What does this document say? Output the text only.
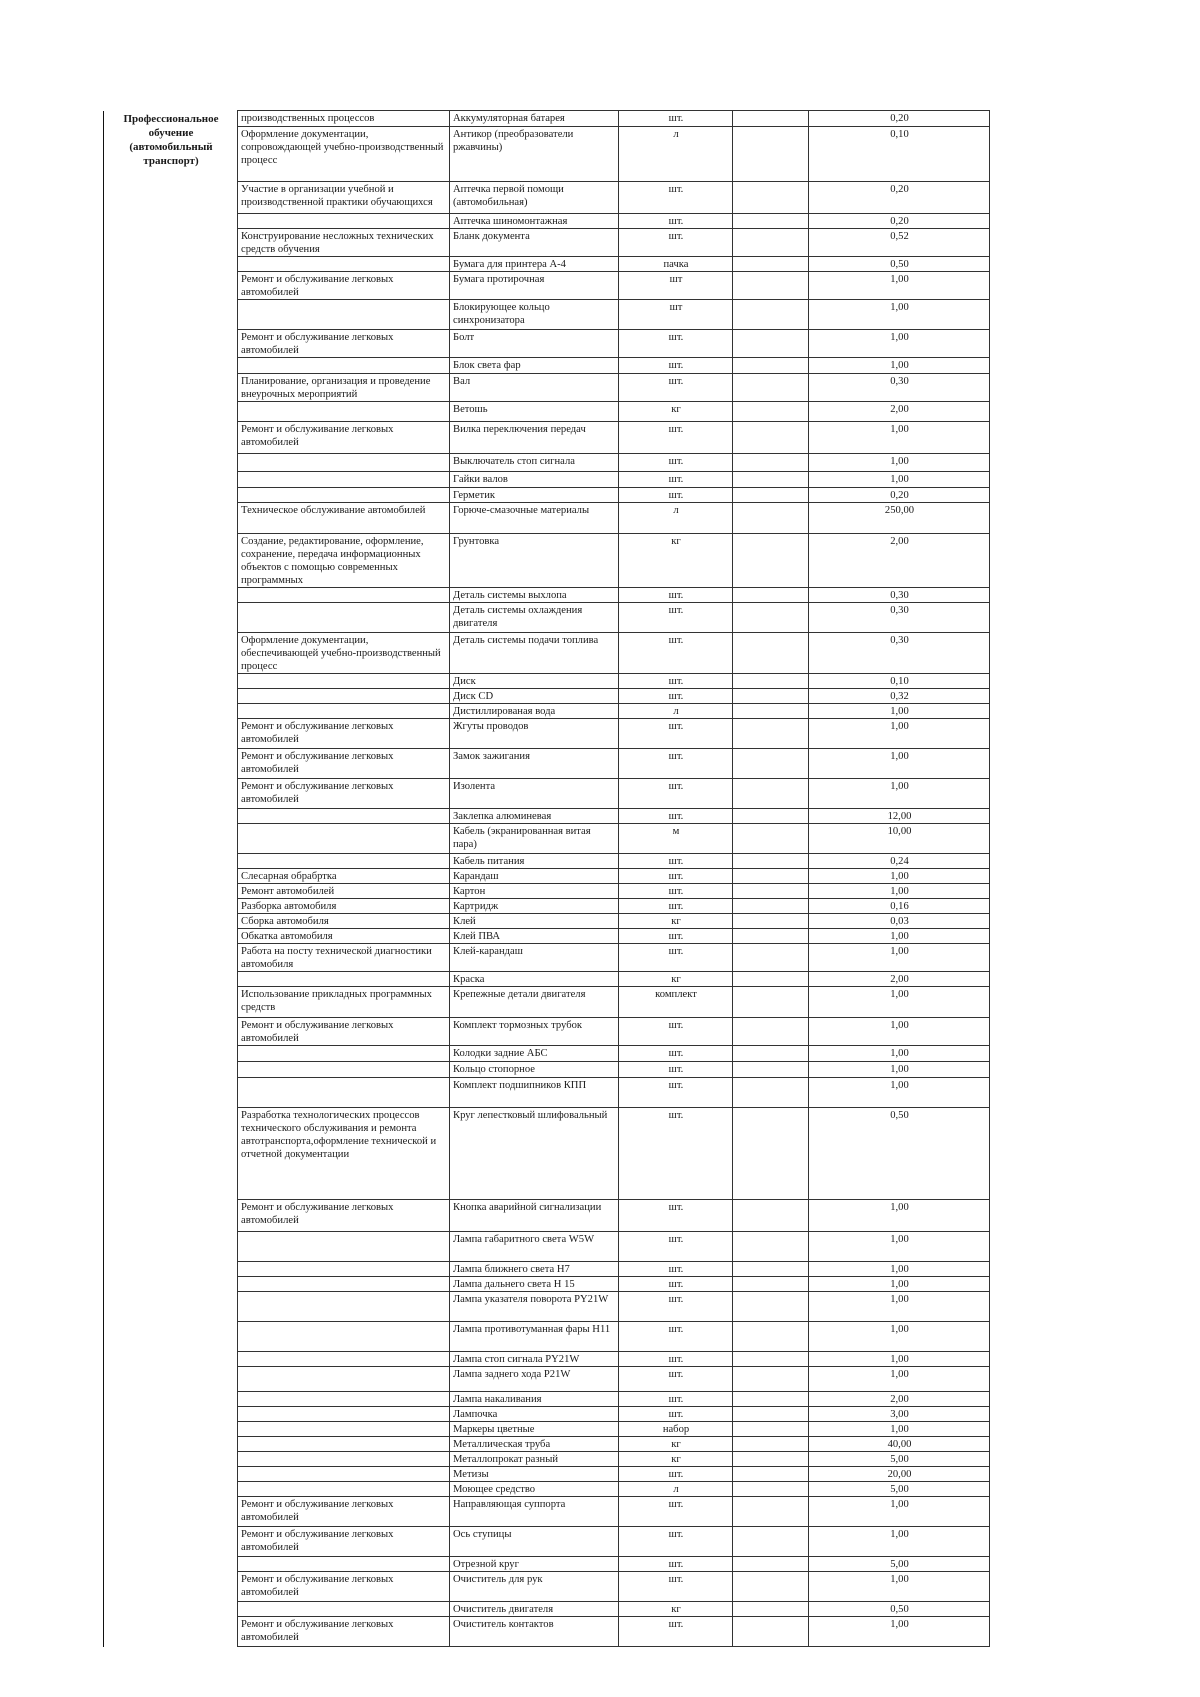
Профессиональное обучение (автомобильный транспорт)	производственных процессов	Аккумуляторная батарея	шт.		0,20
	Оформление документации, сопровождающей учебно-производственный процесс	Антикор (преобразователи ржавчины)	л		0,10
	Участие в организации учебной и производственной практики обучающихся	Аптечка первой помощи (автомобильная)	шт.		0,20
		Аптечка шиномонтажная	шт.		0,20
	Конструирование несложных технических средств обучения	Бланк документа	шт.		0,52
		Бумага для принтера А-4	пачка		0,50
	Ремонт и обслуживание легковых автомобилей	Бумага протирочная	шт		1,00
		Блокирующее кольцо синхронизатора	шт		1,00
	Ремонт и обслуживание легковых автомобилей	Болт	шт.		1,00
		Блок света фар	шт.		1,00
	Планирование, организация и проведение внеурочных мероприятий	Вал	шт.		0,30
		Ветошь	кг		2,00
	Ремонт и обслуживание легковых автомобилей	Вилка переключения передач	шт.		1,00
		Выключатель стоп сигнала	шт.		1,00
		Гайки валов	шт.		1,00
		Герметик	шт.		0,20
	Техническое обслуживание автомобилей	Горюче-смазочные материалы	л		250,00
	Создание, редактирование, оформление, сохранение, передача информационных объектов с помощью современных программных	Грунтовка	кг		2,00
		Деталь системы выхлопа	шт.		0,30
		Деталь системы охлаждения двигателя	шт.		0,30
	Оформление документации, обеспечивающей учебно-производственный процесс	Деталь системы подачи топлива	шт.		0,30
		Диск	шт.		0,10
		Диск CD	шт.		0,32
		Дистиллированая вода	л		1,00
	Ремонт и обслуживание легковых автомобилей	Жгуты проводов	шт.		1,00
	Ремонт и обслуживание легковых автомобилей	Замок зажигания	шт.		1,00
	Ремонт и обслуживание легковых автомобилей	Изолента	шт.		1,00
		Заклепка алюминевая	шт.		12,00
		Кабель (экранированная витая пара)	м		10,00
		Кабель питания	шт.		0,24
	Слесарная обрабртка	Карандаш	шт.		1,00
	Ремонт автомобилей	Картон	шт.		1,00
	Разборка автомобиля	Картридж	шт.		0,16
	Сборка автомобиля	Клей	кг		0,03
	Обкатка автомобиля	Клей ПВА	шт.		1,00
	Работа на посту технической диагностики автомобиля	Клей-карандаш	шт.		1,00
		Краска	кг		2,00
	Использование прикладных программных средств	Крепежные детали двигателя	комплект		1,00
	Ремонт и обслуживание легковых автомобилей	Комплект тормозных трубок	шт.		1,00
		Колодки задние АБС	шт.		1,00
		Кольцо стопорное	шт.		1,00
		Комплект подшипников КПП	шт.		1,00
	Разработка технологических процессов технического обслуживания и ремонта автотранспорта,оформление технической и отчетной документации	Круг лепестковый шлифовальный	шт.		0,50
	Ремонт и обслуживание легковых автомобилей	Кнопка аварийной сигнализации	шт.		1,00
		Лампа габаритного света W5W	шт.		1,00
		Лампа ближнего света H7	шт.		1,00
		Лампа дальнего света H 15	шт.		1,00
		Лампа указателя поворота PY21W	шт.		1,00
		Лампа противотуманная фары H11	шт.		1,00
		Лампа стоп сигнала PY21W	шт.		1,00
		Лампа заднего хода P21W	шт.		1,00
		Лампа накаливания	шт.		2,00
		Лампочка	шт.		3,00
		Маркеры цветные	набор		1,00
		Металлическая труба	кг		40,00
		Металлопрокат разный	кг		5,00
		Метизы	шт.		20,00
		Моющее средство	л		5,00
	Ремонт и обслуживание легковых автомобилей	Направляющая суппорта	шт.		1,00
	Ремонт и обслуживание легковых автомобилей	Ось ступицы	шт.		1,00
		Отрезной круг	шт.		5,00
	Ремонт и обслуживание легковых автомобилей	Очиститель для рук	шт.		1,00
		Очиститель двигателя	кг		0,50
	Ремонт и обслуживание легковых автомобилей	Очиститель контактов	шт.		1,00
